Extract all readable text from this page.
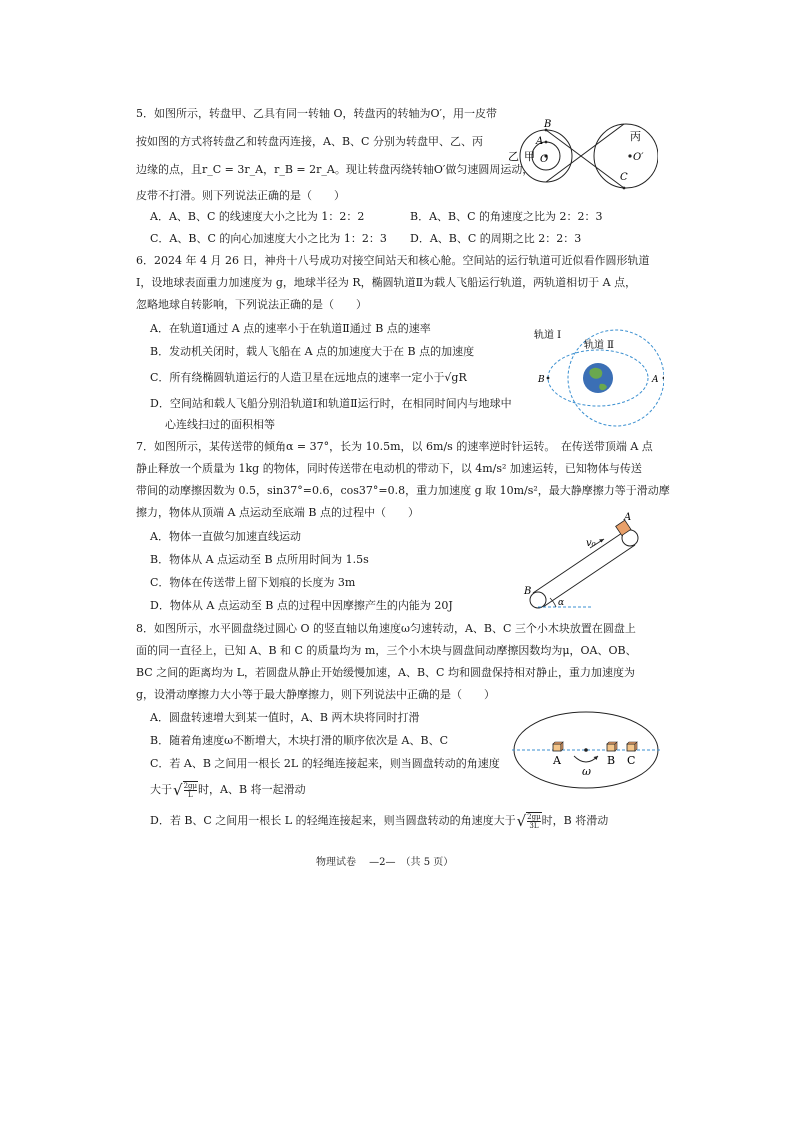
5．如图所示，转盘甲、乙具有同一转轴 O，转盘丙的转轴为O′，用一皮带
按如图的方式将转盘乙和转盘丙连接，A、B、C 分别为转盘甲、乙、丙
边缘的点，且r_C = 3r_A，r_B = 2r_A。现让转盘丙绕转轴O′做匀速圆周运动，
皮带不打滑。则下列说法正确的是（　　）
A．A、B、C 的线速度大小之比为 1：2：2	B．A、B、C 的角速度之比为 2：2：3
C．A、B、C 的向心加速度大小之比为 1：2：3 D．A、B、C 的周期之比 2：2：3
乙 甲
B
A
O
丙
O′
C
6．2024 年 4 月 26 日，神舟十八号成功对接空间站天和核心舱。空间站的运行轨道可近似看作圆形轨道
I，设地球表面重力加速度为 g，地球半径为 R，椭圆轨道Ⅱ为载人飞船运行轨道，两轨道相切于 A 点，
忽略地球自转影响，下列说法正确的是（　　）
A．在轨道I通过 A 点的速率小于在轨道Ⅱ通过 B 点的速率
B．发动机关闭时，载人飞船在 A 点的加速度大于在 B 点的加速度
C．所有绕椭圆轨道运行的人造卫星在远地点的速率一定小于√gR
D．空间站和载人飞船分别沿轨道I和轨道Ⅱ运行时，在相同时间内与地球中
心连线扫过的面积相等
轨道 I
轨道 Ⅱ
B	A
7．如图所示，某传送带的倾角α = 37°，长为 10.5m，以 6m/s 的速率逆时针运转。　在传送带顶端 A 点
静止释放一个质量为 1kg 的物体，同时传送带在电动机的带动下，以 4m/s² 加速运转，已知物体与传送
带间的动摩擦因数为 0.5，sin37°=0.6，cos37°=0.8，重力加速度 g 取 10m/s²，最大静摩擦力等于滑动摩
擦力，物体从顶端 A 点运动至底端 B 点的过程中（　　）
A．物体一直做匀加速直线运动
B．物体从 A 点运动至 B 点所用时间为 1.5s
C．物体在传送带上留下划痕的长度为 3m
D．物体从 A 点运动至 B 点的过程中因摩擦产生的内能为 20J
A
v₀
B
α
8．如图所示，水平圆盘绕过圆心 O 的竖直轴以角速度ω匀速转动，A、B、C 三个小木块放置在圆盘上
面的同一直径上，已知 A、B 和 C 的质量均为 m，三个小木块与圆盘间动摩擦因数均为μ，OA、OB、
BC 之间的距离均为 L，若圆盘从静止开始缓慢加速，A、B、C 均和圆盘保持相对静止，重力加速度为
g，设滑动摩擦力大小等于最大静摩擦力，则下列说法中正确的是（　　）
A．圆盘转速增大到某一值时，A、B 两木块将同时打滑
B．随着角速度ω不断增大，木块打滑的顺序依次是 A、B、C
C．若 A、B 之间用一根长 2L 的轻绳连接起来，则当圆盘转动的角速度
大于 √ $\frac{2g\mu}{L}$ 时，A、B 将一起滑动
D．若 B、C 之间用一根长 L 的轻绳连接起来，则当圆盘转动的角速度大于 √ $\frac{2g\mu}{3L}$ 时，B 将滑动
A	B C
ω
物理试卷　 —2—　（共 5 页）
